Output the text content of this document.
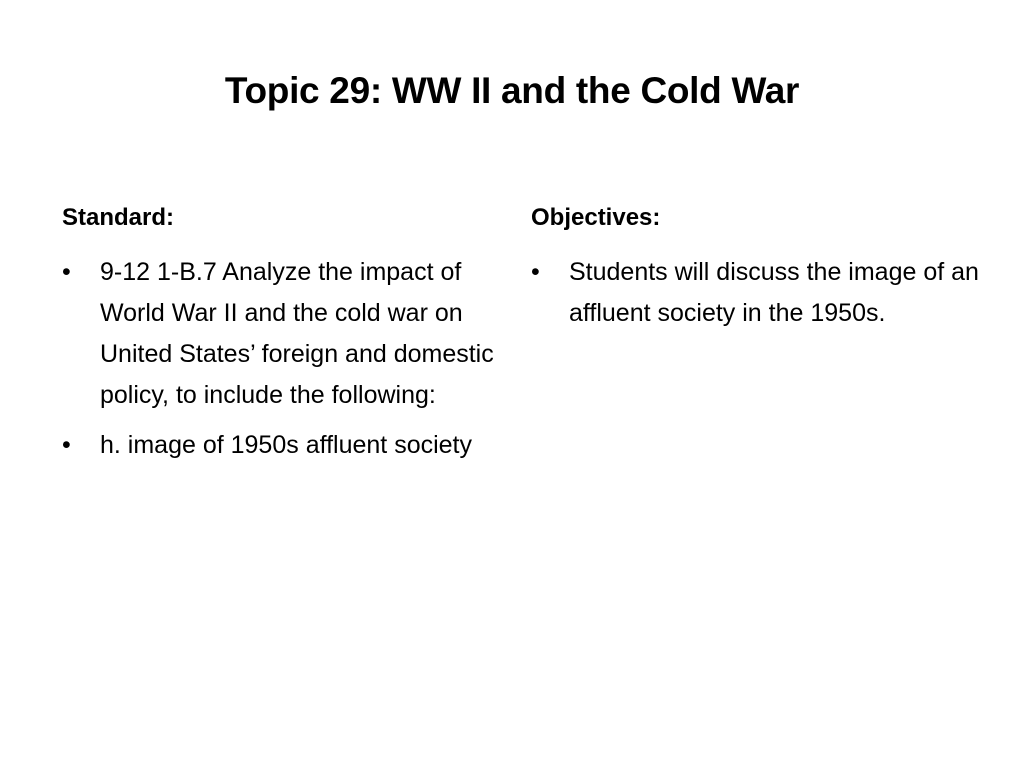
Topic 29: WW II and the Cold War
Standard:
•	9-12 1-B.7 Analyze the impact of World War II and the cold war on United States’ foreign and domestic policy, to include the following:
•	h. image of 1950s affluent society
Objectives:
•	Students will discuss the image of an affluent society in the 1950s.
